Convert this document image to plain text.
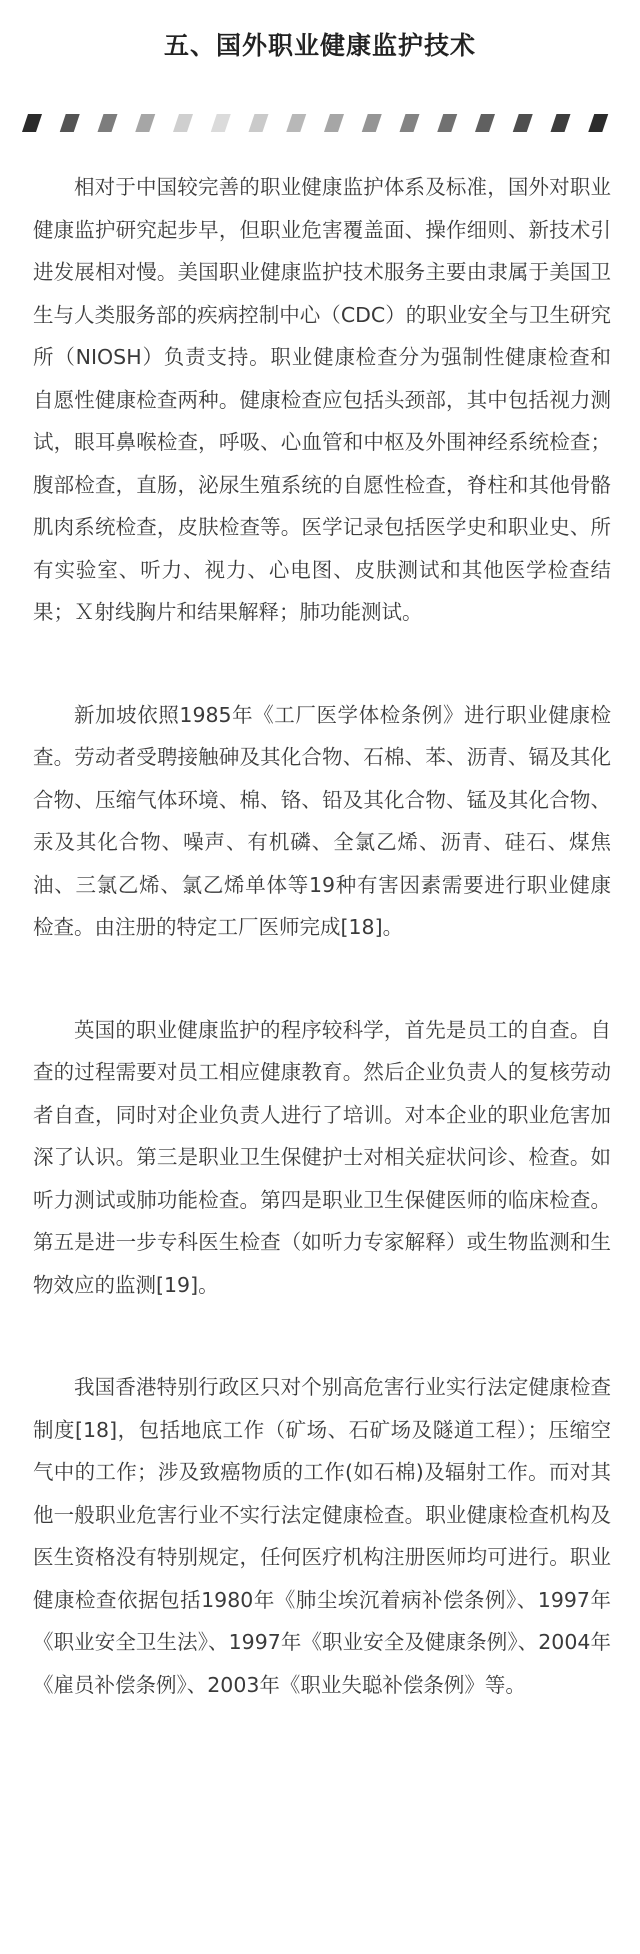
五、国外职业健康监护技术

相对于中国较完善的职业健康监护体系及标准，国外对职业健康监护研究起步早，但职业危害覆盖面、操作细则、新技术引进发展相对慢。美国职业健康监护技术服务主要由隶属于美国卫生与人类服务部的疾病控制中心（CDC）的职业安全与卫生研究所（NIOSH）负责支持。职业健康检查分为强制性健康检查和自愿性健康检查两种。健康检查应包括头颈部，其中包括视力测试，眼耳鼻喉检查，呼吸、心血管和中枢及外围神经系统检查；腹部检查，直肠，泌尿生殖系统的自愿性检查，脊柱和其他骨骼肌肉系统检查，皮肤检查等。医学记录包括医学史和职业史、所有实验室、听力、视力、心电图、皮肤测试和其他医学检查结果；Ｘ射线胸片和结果解释；肺功能测试。

新加坡依照1985年《工厂医学体检条例》进行职业健康检查。劳动者受聘接触砷及其化合物、石棉、苯、沥青、镉及其化合物、压缩气体环境、棉、铬、铅及其化合物、锰及其化合物、汞及其化合物、噪声、有机磷、全氯乙烯、沥青、硅石、煤焦油、三氯乙烯、氯乙烯单体等19种有害因素需要进行职业健康检查。由注册的特定工厂医师完成[18]。

英国的职业健康监护的程序较科学，首先是员工的自查。自查的过程需要对员工相应健康教育。然后企业负责人的复核劳动者自查，同时对企业负责人进行了培训。对本企业的职业危害加深了认识。第三是职业卫生保健护士对相关症状问诊、检查。如听力测试或肺功能检查。第四是职业卫生保健医师的临床检查。第五是进一步专科医生检查（如听力专家解释）或生物监测和生物效应的监测[19]。

我国香港特别行政区只对个别高危害行业实行法定健康检查制度[18]，包括地底工作（矿场、石矿场及隧道工程）；压缩空气中的工作；涉及致癌物质的工作(如石棉)及辐射工作。而对其他一般职业危害行业不实行法定健康检查。职业健康检查机构及医生资格没有特别规定，任何医疗机构注册医师均可进行。职业健康检查依据包括1980年《肺尘埃沉着病补偿条例》、1997年《职业安全卫生法》、1997年《职业安全及健康条例》、2004年《雇员补偿条例》、2003年《职业失聪补偿条例》等。
